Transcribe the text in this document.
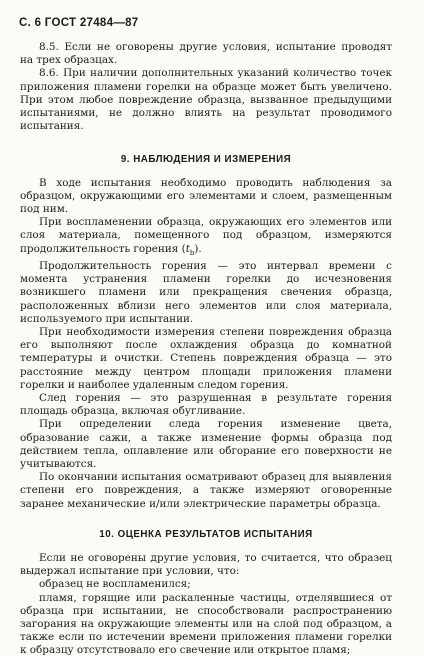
С. 6 ГОСТ 27484—87

8.5. Если не оговорены другие условия, испытание проводят на трех образцах.

8.6. При наличии дополнительных указаний количество точек приложения пламени горелки на образце может быть увеличено. При этом любое повреждение образца, вызванное предыдущими испытаниями, не должно влиять на результат проводимого испытания.

9. НАБЛЮДЕНИЯ И ИЗМЕРЕНИЯ

В ходе испытания необходимо проводить наблюдения за образцом, окружающими его элементами и слоем, размещенным под ним.

При воспламенении образца, окружающих его элементов или слоя материала, помещенного под образцом, измеряются продолжительность горения $(t_b)$.

Продолжительность горения — это интервал времени с момента устранения пламени горелки до исчезновения возникшего пламени или прекращения свечения образца, расположенных вблизи него элементов или слоя материала, используемого при испытании.

При необходимости измерения степени повреждения образца его выполняют после охлаждения образца до комнатной температуры и очистки. Степень повреждения образца — это расстояние между центром площади приложения пламени горелки и наиболее удаленным следом горения.

След горения — это разрушенная в результате горения площадь образца, включая обугливание.

При определении следа горения изменение цвета, образование сажи, а также изменение формы образца под действием тепла, оплавление или обгорание его поверхности не учитываются.

По окончании испытания осматривают образец для выявления степени его повреждения, а также измеряют оговоренные заранее механические и/или электрические параметры образца.

10. ОЦЕНКА РЕЗУЛЬТАТОВ ИСПЫТАНИЯ

Если не оговорены другие условия, то считается, что образец выдержал испытание при условии, что:

образец не воспламенился;

пламя, горящие или раскаленные частицы, отделявшиеся от образца при испытании, не способствовали распространению загорания на окружающие элементы или на слой под образцом, а также если по истечении времени приложения пламени горелки к образцу отсутствовало его свечение или открытое пламя;
